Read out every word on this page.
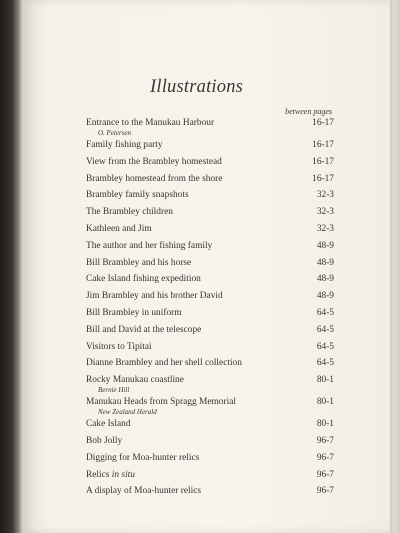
Illustrations
between pages
Entrance to the Manukau Harbour	16-17
O. Petersen
Family fishing party	16-17
View from the Brambley homestead	16-17
Brambley homestead from the shore	16-17
Brambley family snapshots	32-3
The Brambley children	32-3
Kathleen and Jim	32-3
The author and her fishing family	48-9
Bill Brambley and his horse	48-9
Cake Island fishing expedition	48-9
Jim Brambley and his brother David	48-9
Bill Brambley in uniform	64-5
Bill and David at the telescope	64-5
Visitors to Tipitai	64-5
Dianne Brambley and her shell collection	64-5
Rocky Manukau coastline	80-1
Bernie Hill
Manukau Heads from Spragg Memorial	80-1
New Zealand Herald
Cake Island	80-1
Bob Jolly	96-7
Digging for Moa-hunter relics	96-7
Relics in situ	96-7
A display of Moa-hunter relics	96-7
